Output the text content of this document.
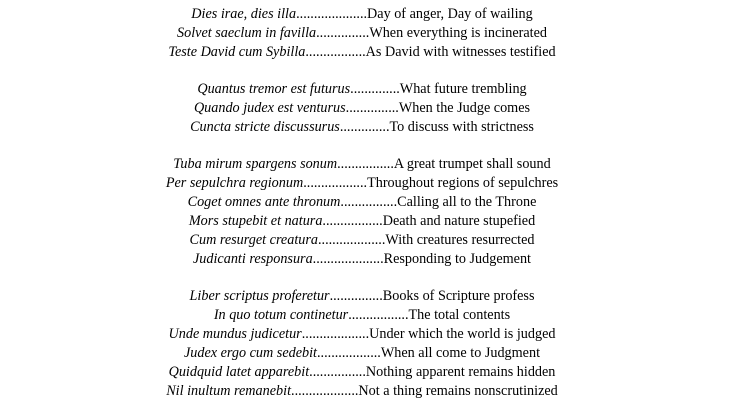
Dies irae, dies illa....................Day of anger, Day of wailing
Solvet saeclum in favilla...............When everything is incinerated
Teste David cum Sybilla.................As David with witnesses testified
Quantus tremor est futurus..............What future trembling
Quando judex est venturus...............When the Judge comes
Cuncta stricte discussurus..............To discuss with strictness
Tuba mirum spargens sonum................A great trumpet shall sound
Per sepulchra regionum..................Throughout regions of sepulchres
Coget omnes ante thronum................Calling all to the Throne
Mors stupebit et natura.................Death and nature stupefied
Cum resurget creatura...................With creatures resurrected
Judicanti responsura....................Responding to Judgement
Liber scriptus proferetur...............Books of Scripture profess
In quo totum continetur.................The total contents
Unde mundus judicetur...................Under which the world is judged
Judex ergo cum sedebit..................When all come to Judgment
Quidquid latet apparebit................Nothing apparent remains hidden
Nil inultum remanebit...................Not a thing remains nonscrutinized
